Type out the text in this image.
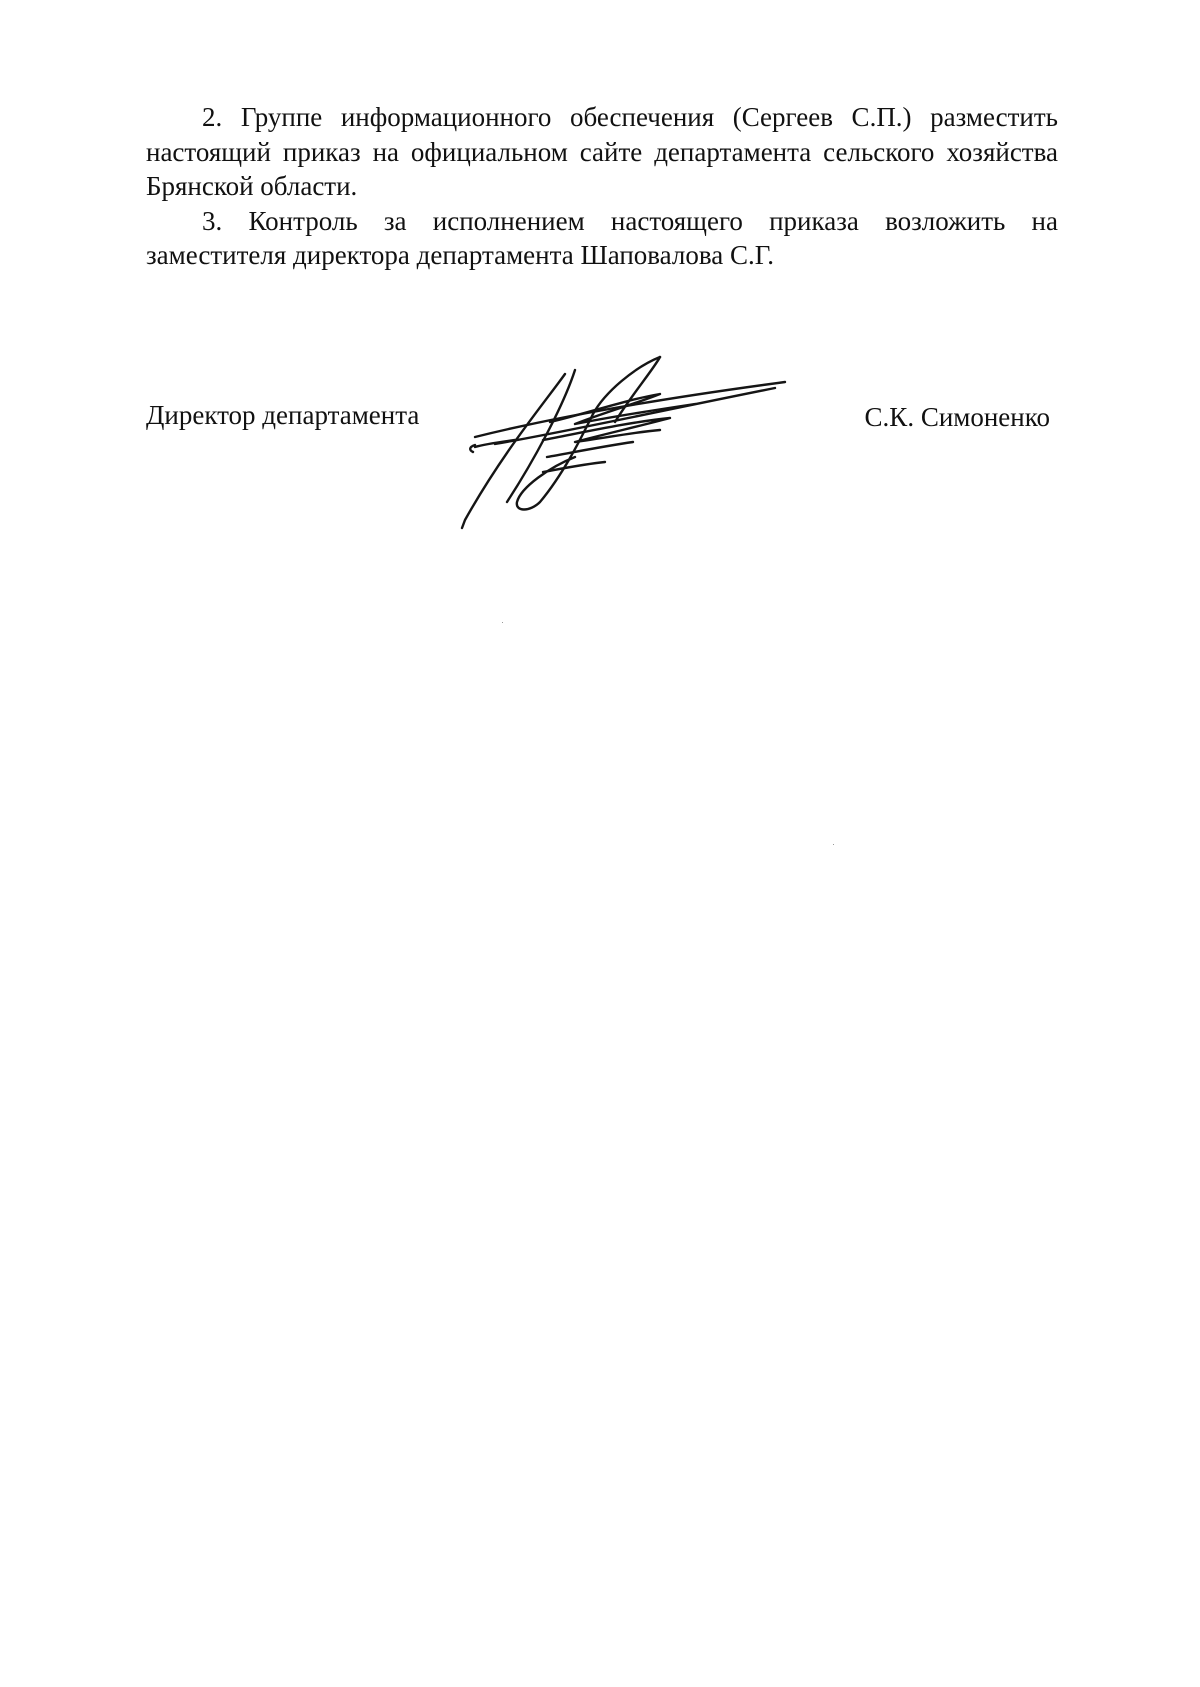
2. Группе информационного обеспечения (Сергеев С.П.) разместить настоящий приказ на официальном сайте департамента сельского хозяйства Брянской области.

3. Контроль за исполнением настоящего приказа возложить на заместителя директора департамента Шаповалова С.Г.

Директор департамента	С.К. Симоненко
